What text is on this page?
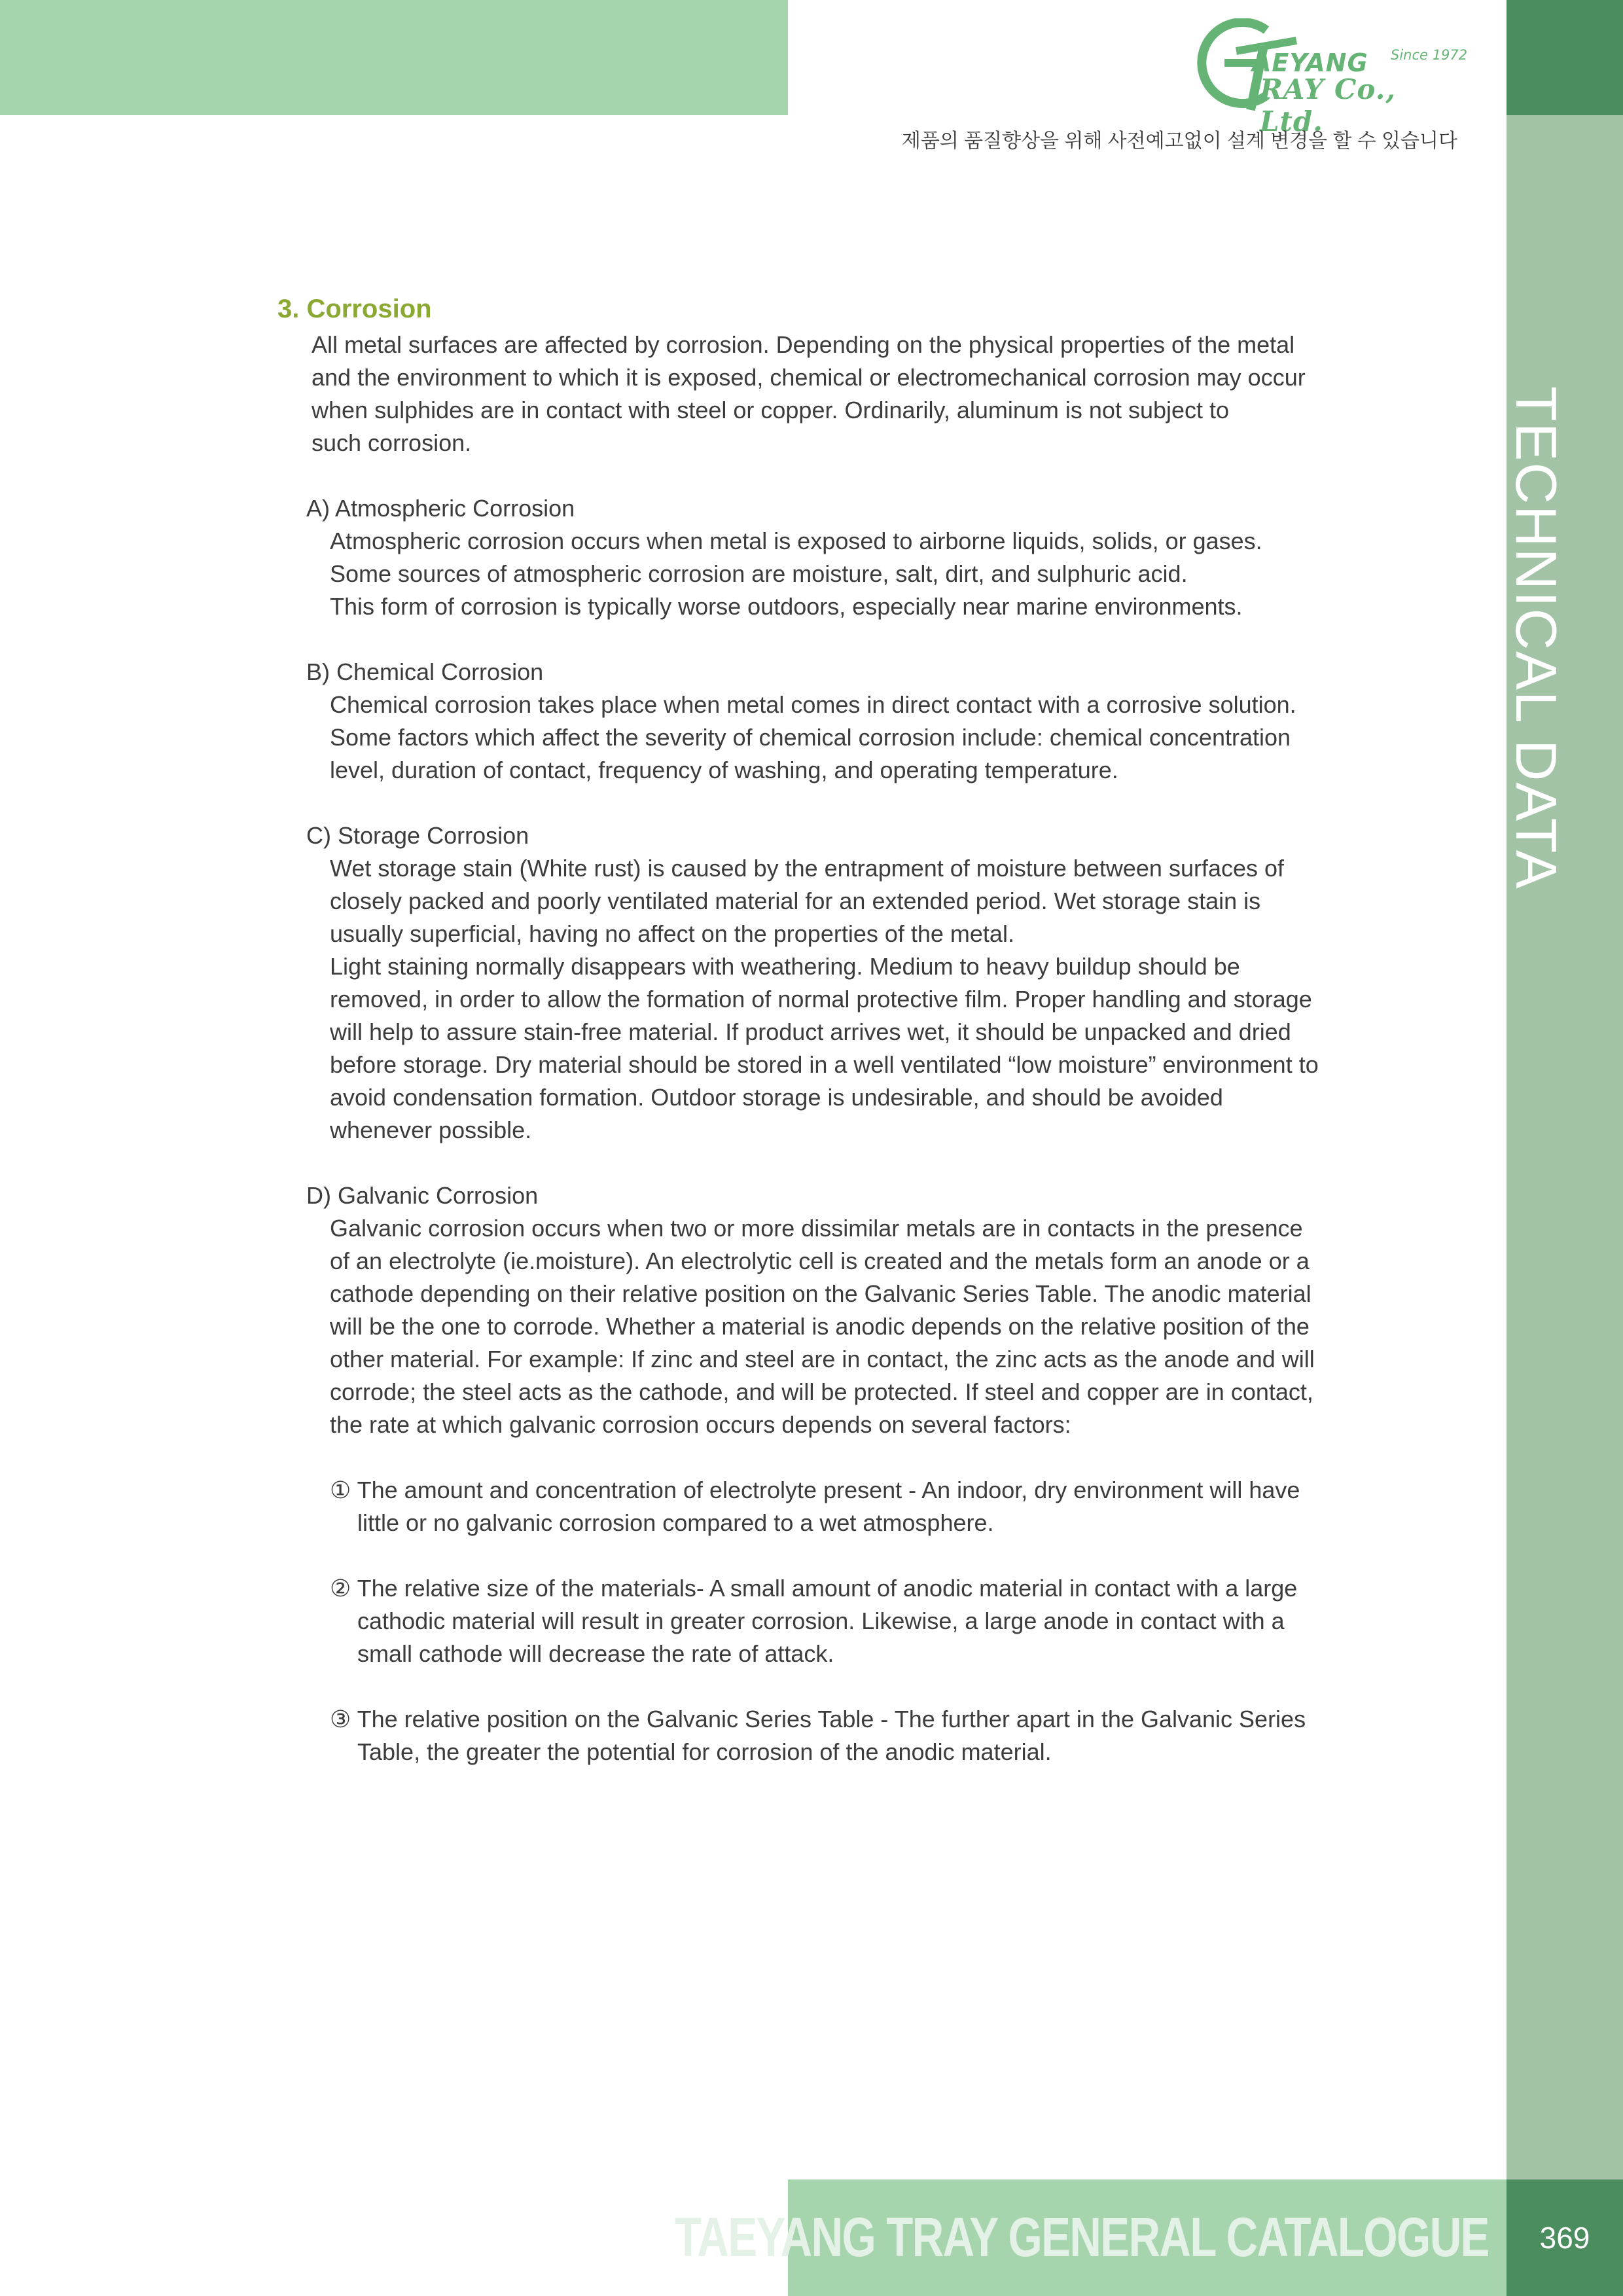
AEYANG Since 1972
RAY Co., Ltd.
제품의 품질향상을 위해 사전예고없이 설계 변경을 할 수 있습니다
TECHNICAL DATA
3. Corrosion
All metal surfaces are affected by corrosion. Depending on the physical properties of the metal
and the environment to which it is exposed, chemical or electromechanical corrosion may occur
when sulphides are in contact with steel or copper. Ordinarily, aluminum is not subject to
such corrosion.
A) Atmospheric Corrosion
Atmospheric corrosion occurs when metal is exposed to airborne liquids, solids, or gases.
Some sources of atmospheric corrosion are moisture, salt, dirt, and sulphuric acid.
This form of corrosion is typically worse outdoors, especially near marine environments.
B) Chemical Corrosion
Chemical corrosion takes place when metal comes in direct contact with a corrosive solution.
Some factors which affect the severity of chemical corrosion include: chemical concentration
level, duration of contact, frequency of washing, and operating temperature.
C) Storage Corrosion
Wet storage stain (White rust) is caused by the entrapment of moisture between surfaces of
closely packed and poorly ventilated material for an extended period. Wet storage stain is
usually superficial, having no affect on the properties of the metal.
Light staining normally disappears with weathering. Medium to heavy buildup should be
removed, in order to allow the formation of normal protective film. Proper handling and storage
will help to assure stain-free material. If product arrives wet, it should be unpacked and dried
before storage. Dry material should be stored in a well ventilated “low moisture” environment to
avoid condensation formation. Outdoor storage is undesirable, and should be avoided
whenever possible.
D) Galvanic Corrosion
Galvanic corrosion occurs when two or more dissimilar metals are in contacts in the presence
of an electrolyte (ie.moisture). An electrolytic cell is created and the metals form an anode or a
cathode depending on their relative position on the Galvanic Series Table. The anodic material
will be the one to corrode. Whether a material is anodic depends on the relative position of the
other material. For example: If zinc and steel are in contact, the zinc acts as the anode and will
corrode; the steel acts as the cathode, and will be protected. If steel and copper are in contact,
the rate at which galvanic corrosion occurs depends on several factors:
① The amount and concentration of electrolyte present - An indoor, dry environment will have
little or no galvanic corrosion compared to a wet atmosphere.
② The relative size of the materials- A small amount of anodic material in contact with a large
cathodic material will result in greater corrosion. Likewise, a large anode in contact with a
small cathode will decrease the rate of attack.
③ The relative position on the Galvanic Series Table - The further apart in the Galvanic Series
Table, the greater the potential for corrosion of the anodic material.
TAEYANG TRAY GENERAL CATALOGUE	369
